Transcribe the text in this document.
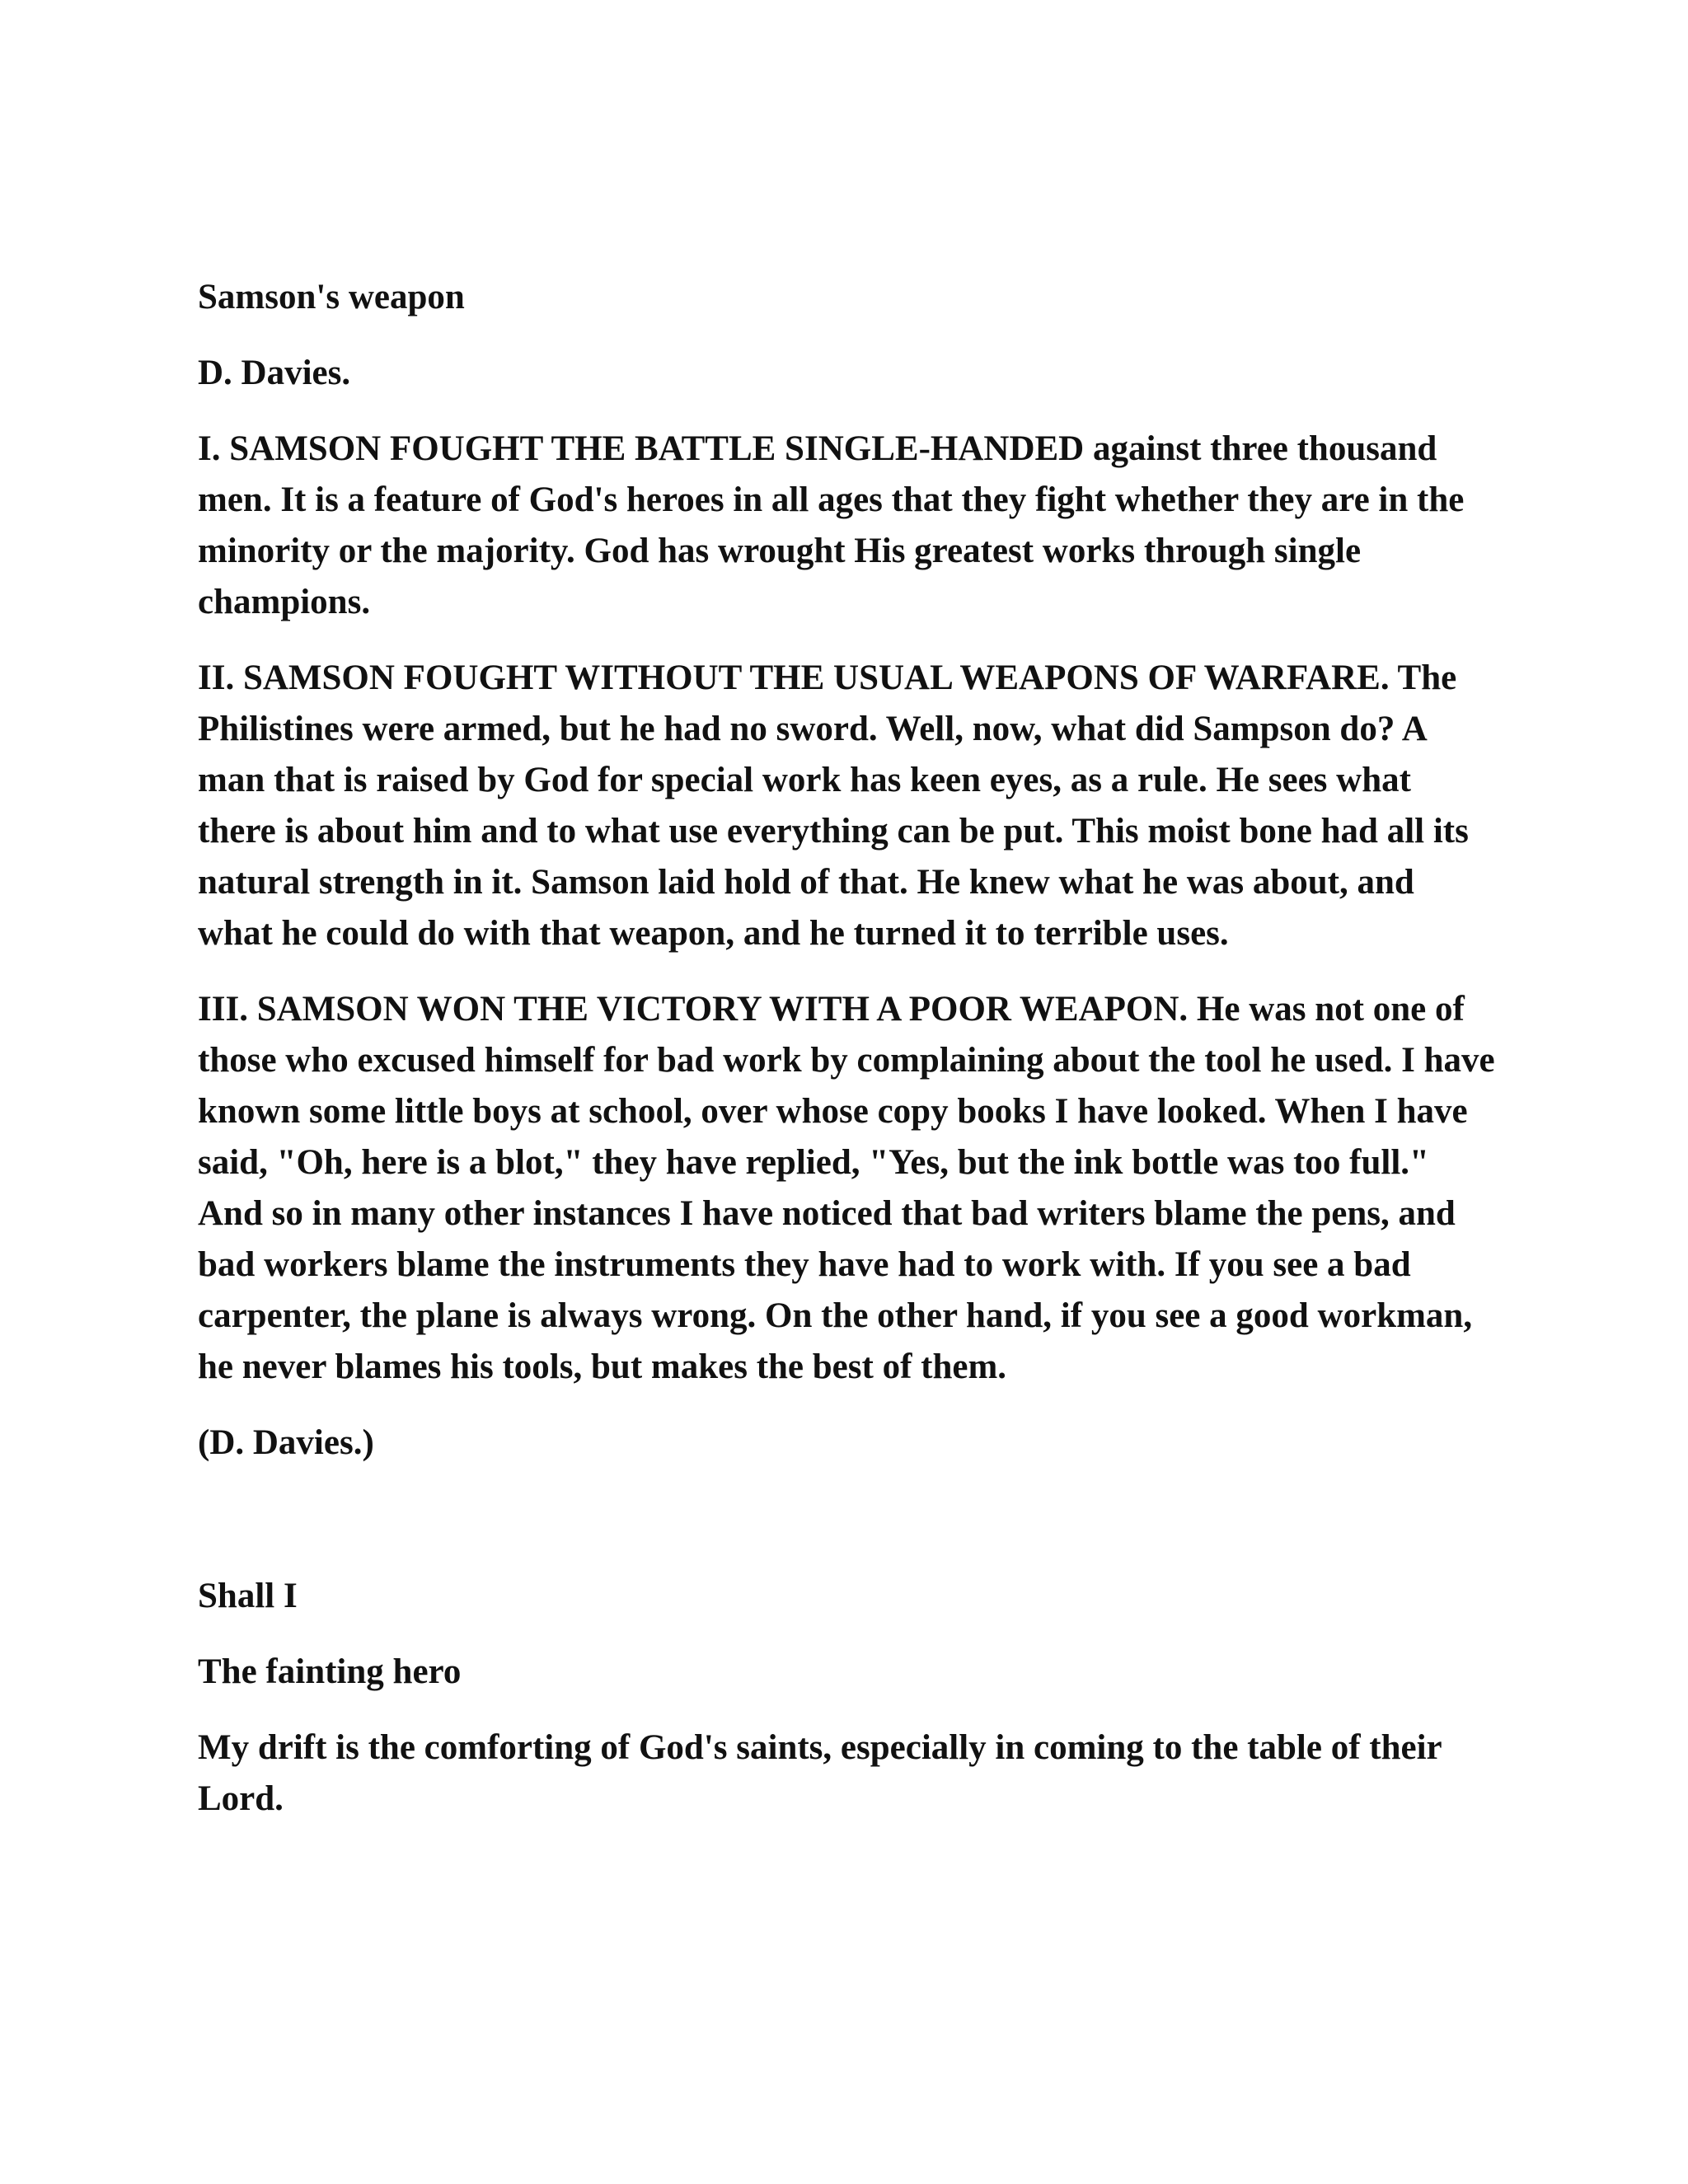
Samson's weapon

D. Davies.

I. SAMSON FOUGHT THE BATTLE SINGLE-HANDED against three thousand men. It is a feature of God's heroes in all ages that they fight whether they are in the minority or the majority. God has wrought His greatest works through single champions.

II. SAMSON FOUGHT WITHOUT THE USUAL WEAPONS OF WARFARE. The Philistines were armed, but he had no sword. Well, now, what did Sampson do? A man that is raised by God for special work has keen eyes, as a rule. He sees what there is about him and to what use everything can be put. This moist bone had all its natural strength in it. Samson laid hold of that. He knew what he was about, and what he could do with that weapon, and he turned it to terrible uses.

III. SAMSON WON THE VICTORY WITH A POOR WEAPON. He was not one of those who excused himself for bad work by complaining about the tool he used. I have known some little boys at school, over whose copy books I have looked. When I have said, "Oh, here is a blot," they have replied, "Yes, but the ink bottle was too full." And so in many other instances I have noticed that bad writers blame the pens, and bad workers blame the instruments they have had to work with. If you see a bad carpenter, the plane is always wrong. On the other hand, if you see a good workman, he never blames his tools, but makes the best of them.

(D. Davies.)

Shall I

The fainting hero

My drift is the comforting of God's saints, especially in coming to the table of their Lord.
